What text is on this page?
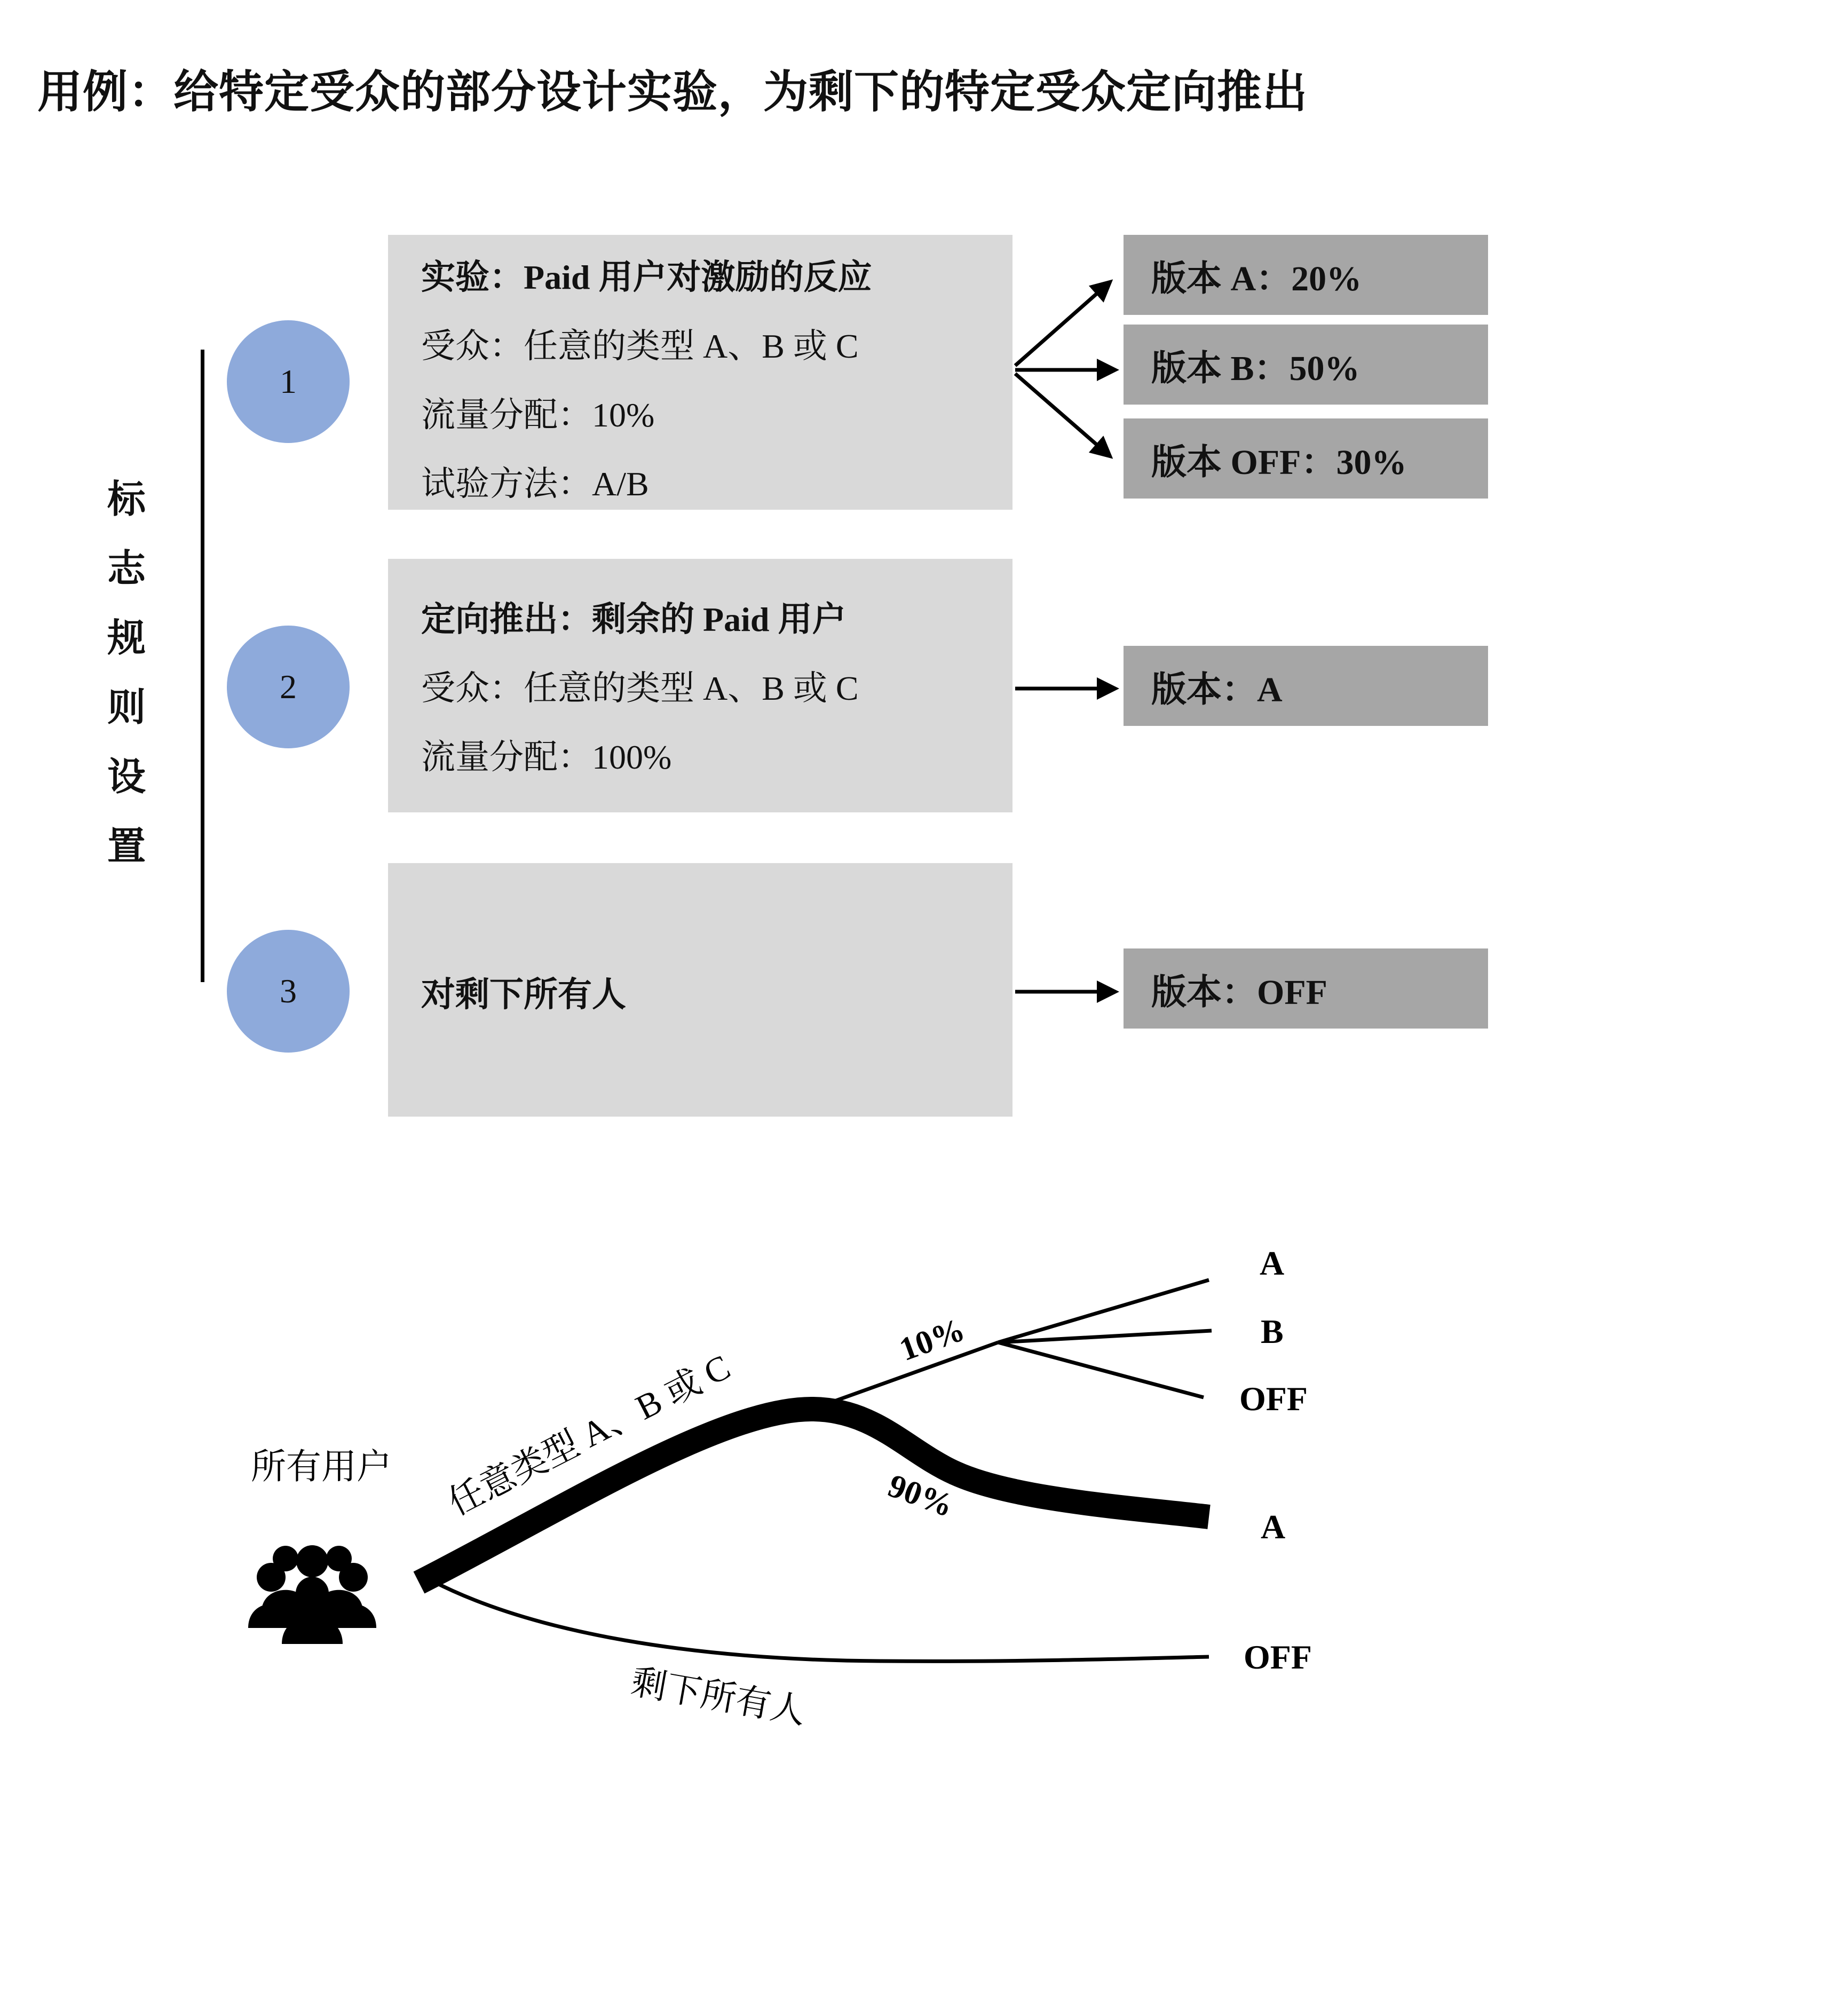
用例：给特定受众的部分设计实验，为剩下的特定受众定向推出
标
志
规
则
设
置
1
实验：Paid 用户对激励的反应
受众：任意的类型 A、B 或 C
流量分配：10%
试验方法：A/B
版本 A：20%
版本 B：50%
版本 OFF：30%
2
定向推出：剩余的 Paid 用户
受众：任意的类型 A、B 或 C
流量分配：100%
版本：A
3	对剩下所有人	版本：OFF
所有用户 任意类型 A、B 或 C
10%
90%
剩下所有人
A
B
OFF
A
OFF
